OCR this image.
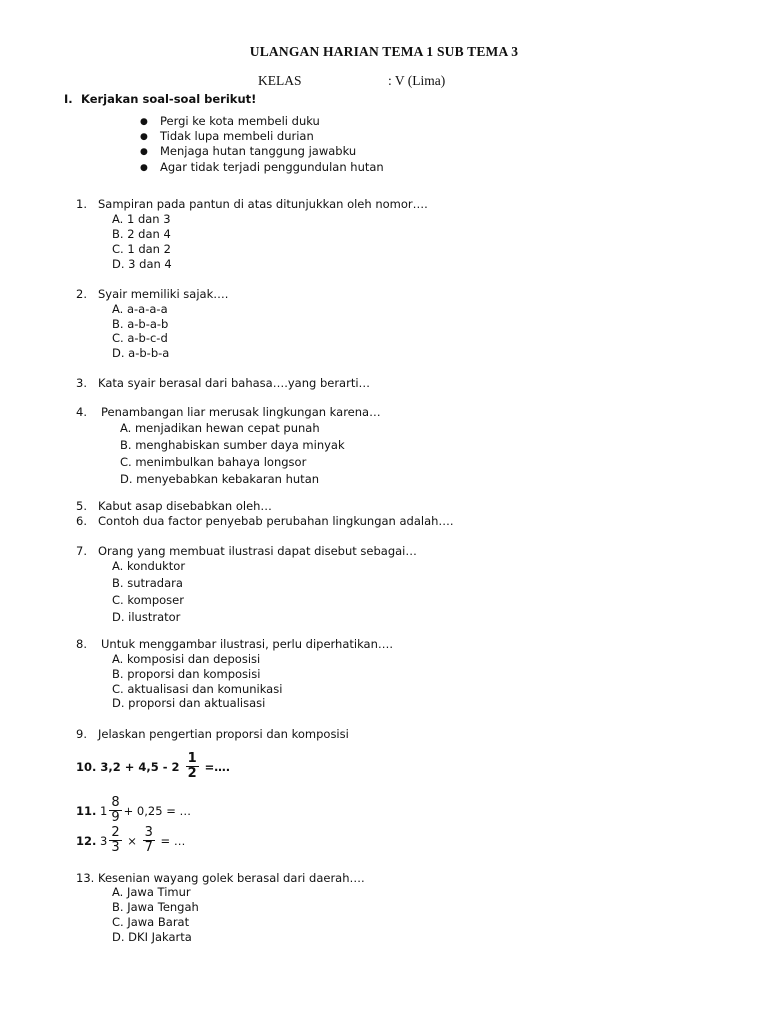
ULANGAN HARIAN TEMA 1 SUB TEMA 3
KELAS	: V (Lima)
I. Kerjakan soal-soal berikut!
● Pergi ke kota membeli duku
● Tidak lupa membeli durian
● Menjaga hutan tanggung jawabku
● Agar tidak terjadi penggundulan hutan
1. Sampiran pada pantun di atas ditunjukkan oleh nomor….
A. 1 dan 3
B. 2 dan 4
C. 1 dan 2
D. 3 dan 4
2. Syair memiliki sajak….
A. a-a-a-a
B. a-b-a-b
C. a-b-c-d
D. a-b-b-a
3. Kata syair berasal dari bahasa….yang berarti…
4. Penambangan liar merusak lingkungan karena…
A. menjadikan hewan cepat punah
B. menghabiskan sumber daya minyak
C. menimbulkan bahaya longsor
D. menyebabkan kebakaran hutan
5. Kabut asap disebabkan oleh…
6. Contoh dua factor penyebab perubahan lingkungan adalah….
7. Orang yang membuat ilustrasi dapat disebut sebagai…
A. konduktor
B. sutradara
C. komposer
D. ilustrator
8. Untuk menggambar ilustrasi, perlu diperhatikan….
A. komposisi dan deposisi
B. proporsi dan komposisi
C. aktualisasi dan komunikasi
D. proporsi dan aktualisasi
9. Jelaskan pengertian proporsi dan komposisi
10.
3,2 + 4,5 - 2
$\frac{1}{2}$
=….
11.
$1 \frac{8}{9} + 0,25$ = …
12.
$3 \frac{2}{3}$
×
$\frac{3}{7}$
= …
13. Kesenian wayang golek berasal dari daerah….
A. Jawa Timur
B. Jawa Tengah
C. Jawa Barat
D. DKI Jakarta
